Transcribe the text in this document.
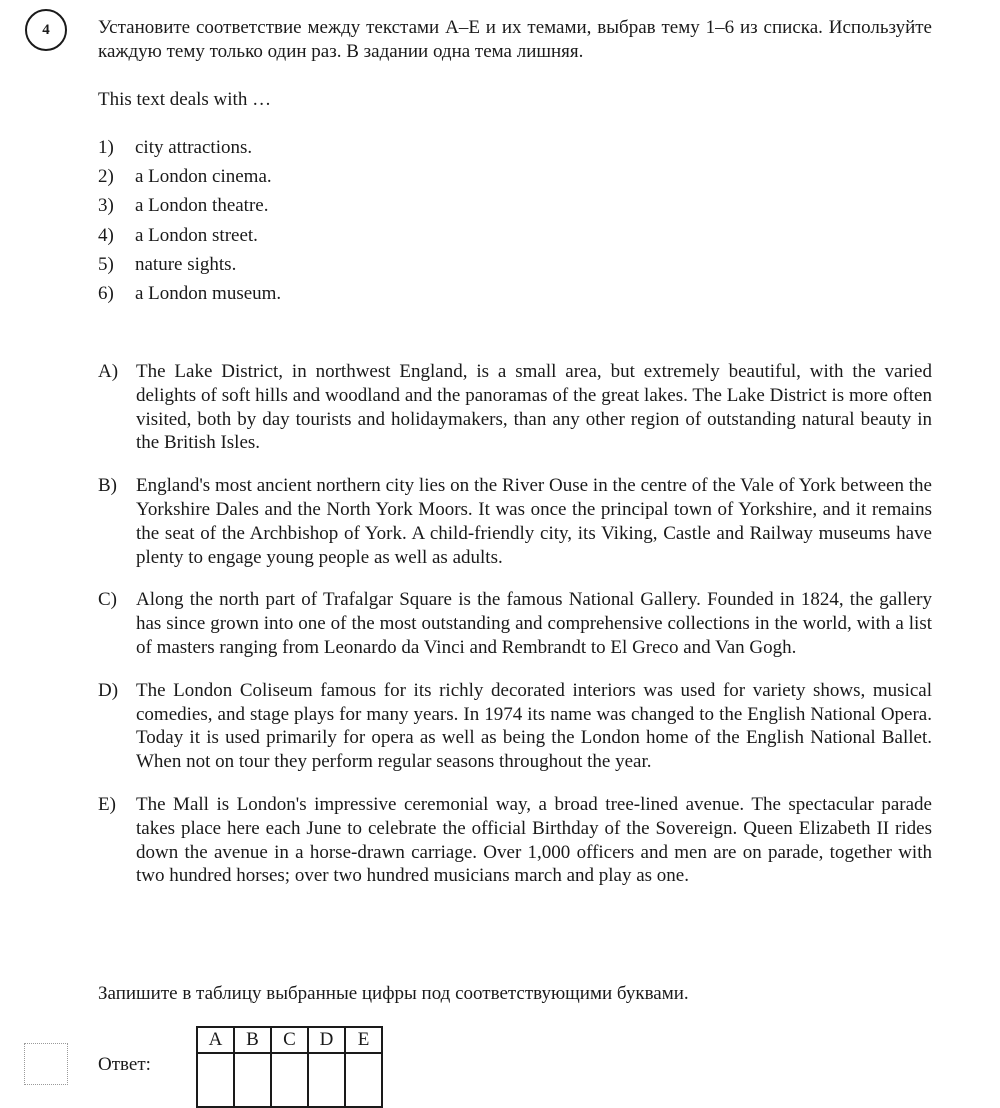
4	Установите соответствие между текстами А–Е и их темами, выбрав тему 1–6 из списка. Используйте каждую тему только один раз. В задании одна тема лишняя.

This text deals with …

1)	city attractions.
2)	a London cinema.
3)	a London theatre.
4)	a London street.
5)	nature sights.
6)	a London museum.
A) The Lake District, in northwest England, is a small area, but extremely beautiful, with the varied delights of soft hills and woodland and the panoramas of the great lakes. The Lake District is more often visited, both by day tourists and holidaymakers, than any other region of outstanding natural beauty in the British Isles.
B)	England's most ancient northern city lies on the River Ouse in the centre of the Vale of York between the Yorkshire Dales and the North York Moors. It was once the principal town of Yorkshire, and it remains the seat of the Archbishop of York. A child-friendly city, its Viking, Castle and Railway museums have plenty to engage young people as well as adults.
C)	Along the north part of Trafalgar Square is the famous National Gallery. Founded in 1824, the gallery has since grown into one of the most outstanding and comprehensive collections in the world, with a list of masters ranging from Leonardo da Vinci and Rembrandt to El Greco and Van Gogh.
D) The London Coliseum famous for its richly decorated interiors was used for variety shows, musical comedies, and stage plays for many years. In 1974 its name was changed to the English National Opera. Today it is used primarily for opera as well as being the London home of the English National Ballet. When not on tour they perform regular seasons throughout the year.
E)	The Mall is London's impressive ceremonial way, a broad tree-lined avenue. The spectacular parade takes place here each June to celebrate the official Birthday of the Sovereign. Queen Elizabeth II rides down the avenue in a horse-drawn carriage. Over 1,000 officers and men are on parade, together with two hundred horses; over two hundred musicians march and play as one.

Запишите в таблицу выбранные цифры под соответствующими буквами.

Ответ:
A	B	C	D	E
